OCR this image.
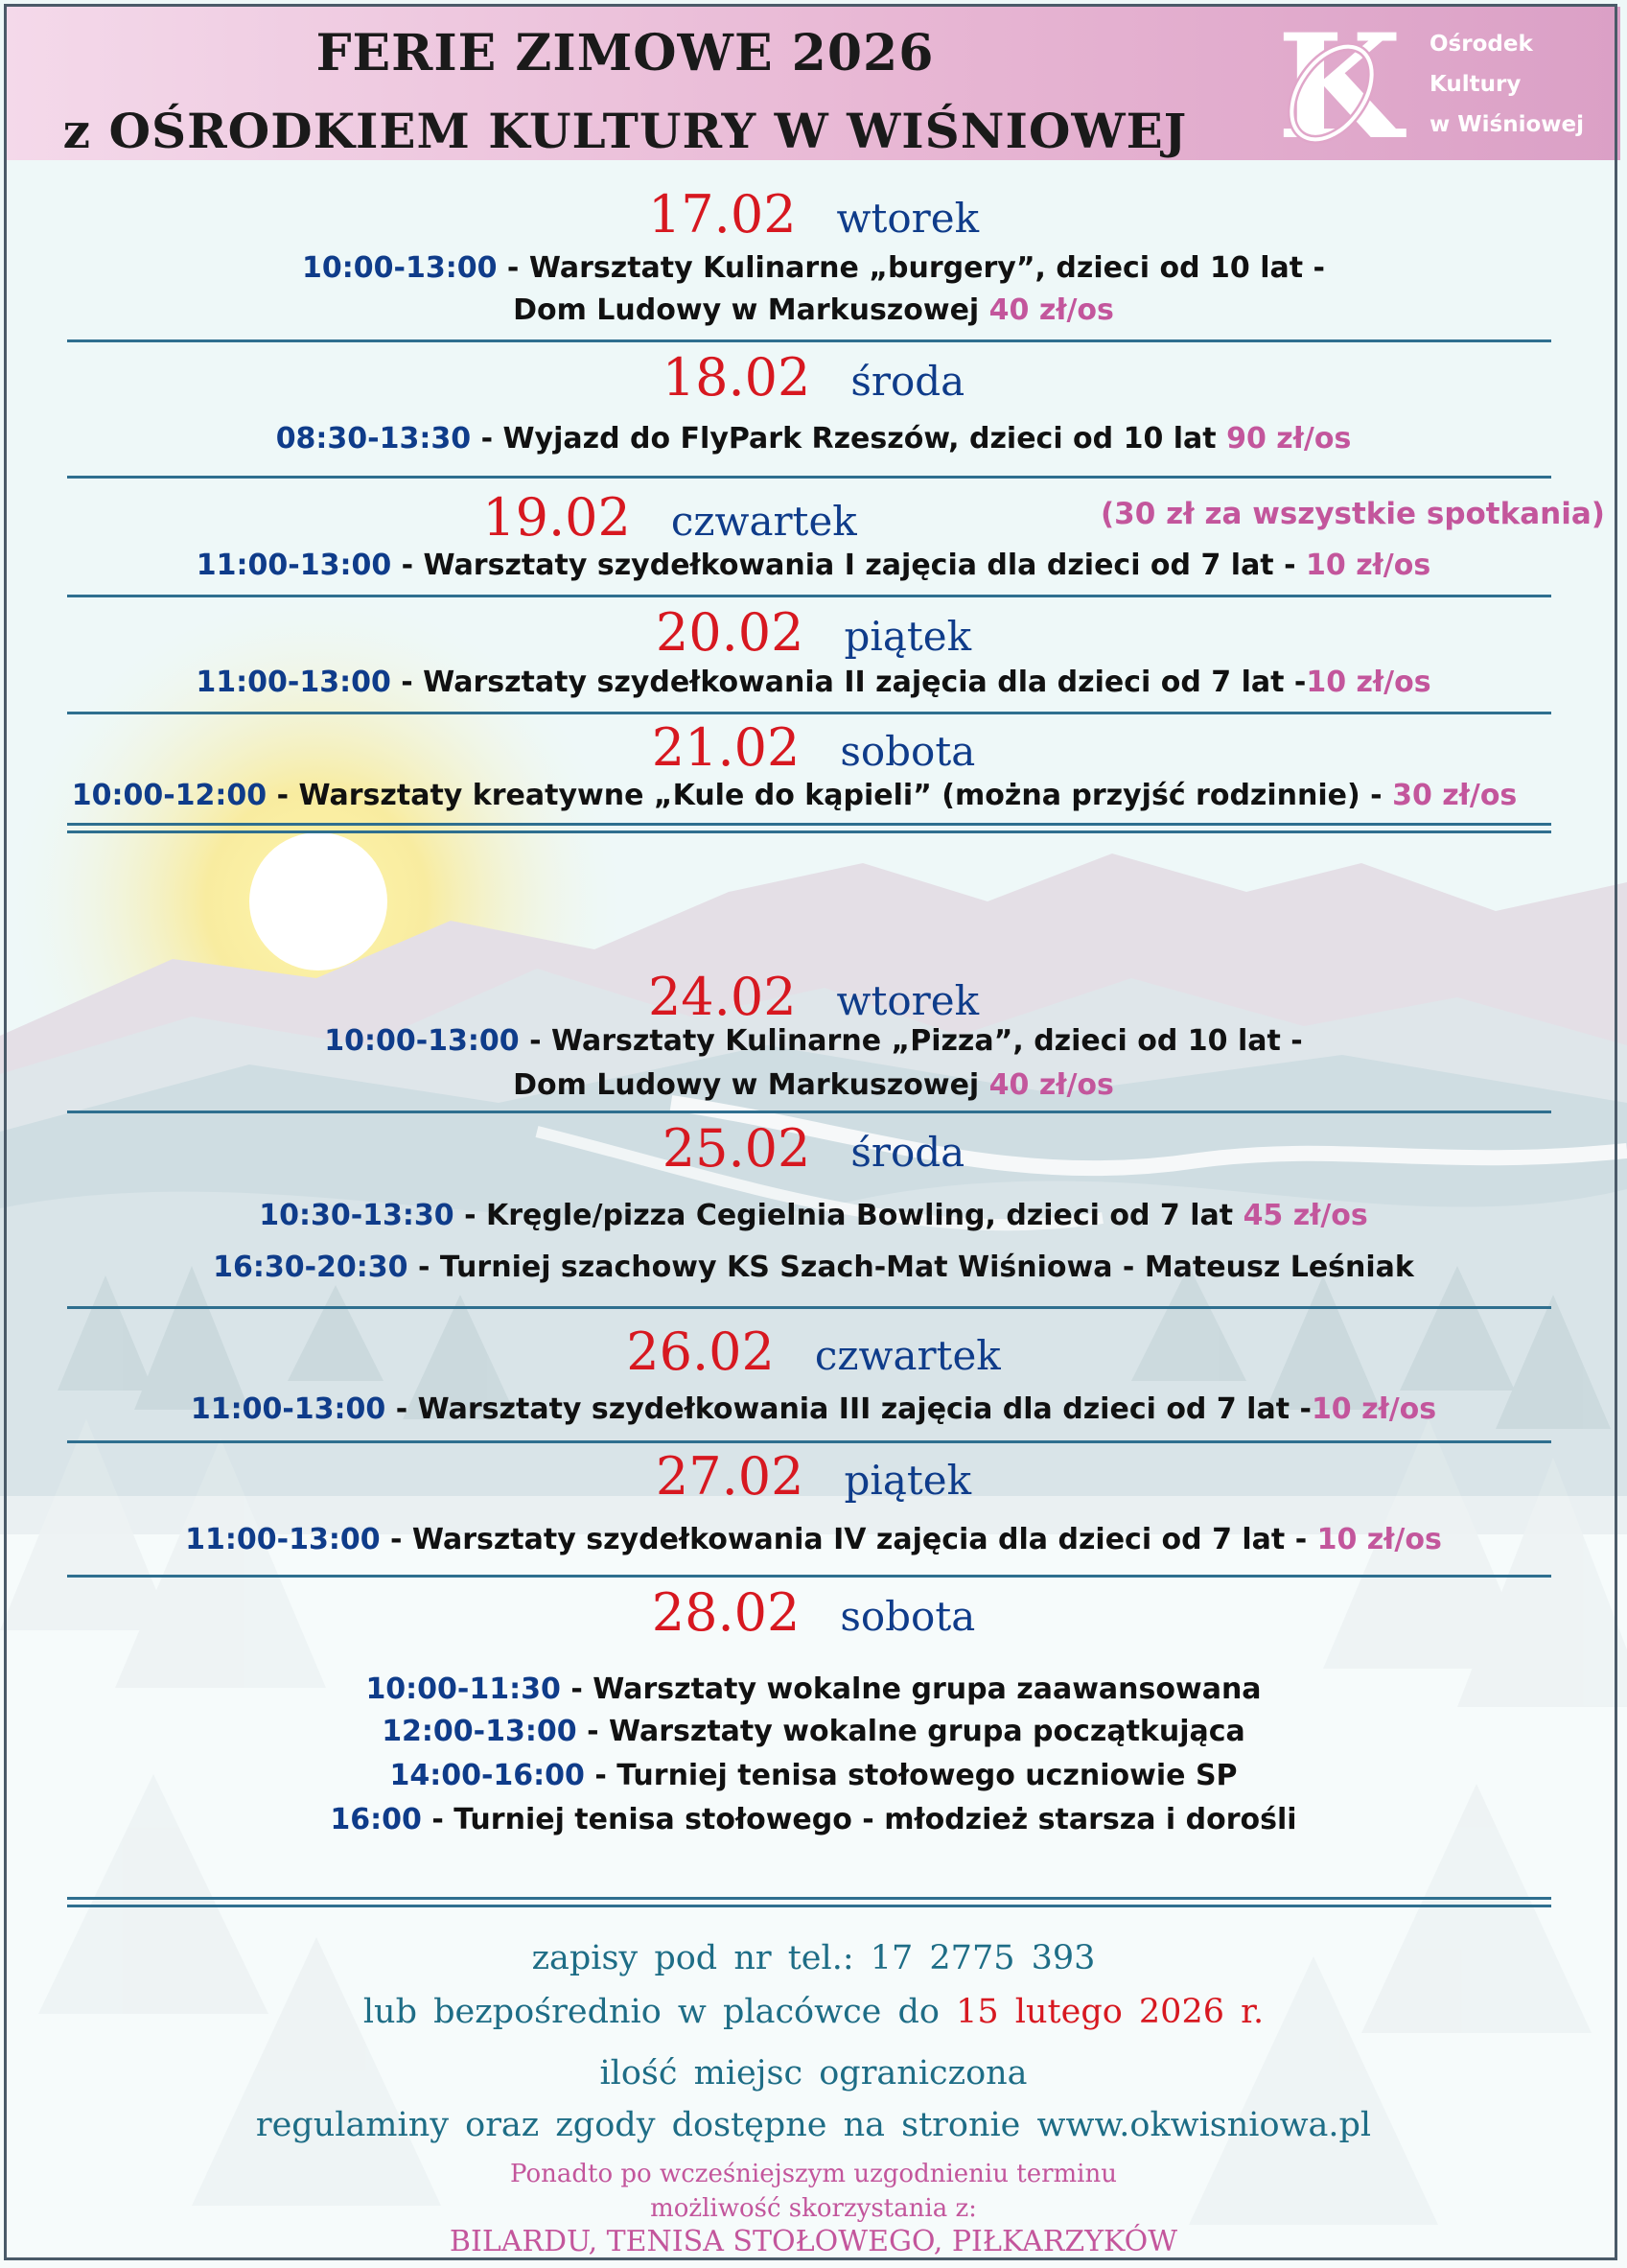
FERIE ZIMOWE 2026
z OŚRODKIEM KULTURY W WIŚNIOWEJ K Ośrodek
Kultury
w Wiśniowej
17.02 wtorek
10:00-13:00 - Warsztaty Kulinarne „burgery”, dzieci od 10 lat -
Dom Ludowy w Markuszowej 40 zł/os
18.02 środa
08:30-13:30 - Wyjazd do FlyPark Rzeszów, dzieci od 10 lat 90 zł/os
19.02 czwartek	(30 zł za wszystkie spotkania)
11:00-13:00 - Warsztaty szydełkowania I zajęcia dla dzieci od 7 lat - 10 zł/os
20.02 piątek
11:00-13:00 - Warsztaty szydełkowania II zajęcia dla dzieci od 7 lat -10 zł/os
21.02 sobota
10:00-12:00 - Warsztaty kreatywne „Kule do kąpieli” (można przyjść rodzinnie) - 30 zł/os
24.02 wtorek
10:00-13:00 - Warsztaty Kulinarne „Pizza”, dzieci od 10 lat -
Dom Ludowy w Markuszowej 40 zł/os
25.02 środa
10:30-13:30 - Kręgle/pizza Cegielnia Bowling, dzieci od 7 lat 45 zł/os
16:30-20:30 - Turniej szachowy KS Szach-Mat Wiśniowa - Mateusz Leśniak
26.02 czwartek
11:00-13:00 - Warsztaty szydełkowania III zajęcia dla dzieci od 7 lat -10 zł/os
27.02 piątek
11:00-13:00 - Warsztaty szydełkowania IV zajęcia dla dzieci od 7 lat - 10 zł/os
28.02 sobota
10:00-11:30 - Warsztaty wokalne grupa zaawansowana
12:00-13:00 - Warsztaty wokalne grupa początkująca
14:00-16:00 - Turniej tenisa stołowego uczniowie SP
16:00 - Turniej tenisa stołowego - młodzież starsza i dorośli
zapisy pod nr tel.: 17 2775 393
lub bezpośrednio w placówce do 15 lutego 2026 r.
ilość miejsc ograniczona
regulaminy oraz zgody dostępne na stronie www.okwisniowa.pl
Ponadto po wcześniejszym uzgodnieniu terminu
możliwość skorzystania z:
BILARDU, TENISA STOŁOWEGO, PIŁKARZYKÓW
